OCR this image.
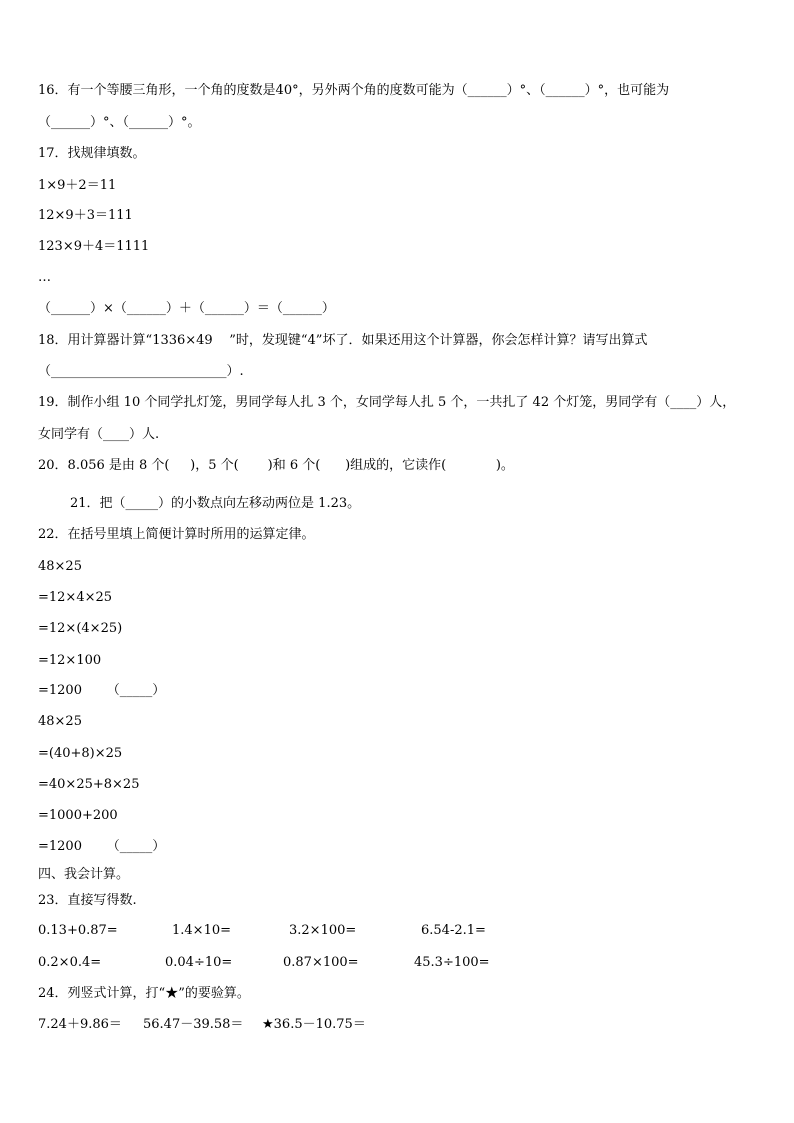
16．有一个等腰三角形，一个角的度数是40°，另外两个角的度数可能为（______）°、（______）°，也可能为
（______）°、（______）°。
17．找规律填数。
1×9＋2＝11
12×9＋3＝111
123×9＋4＝1111
…
（______）×（______）＋（______）＝（______）
18．用计算器计算“1336×49    ”时，发现键“4”坏了．如果还用这个计算器，你会怎样计算？请写出算式
（___________________________）.
19．制作小组 10 个同学扎灯笼，男同学每人扎 3 个，女同学每人扎 5 个，一共扎了 42 个灯笼，男同学有（____）人，
女同学有（____）人.
20．8.056 是由 8 个(     )，5 个(       )和 6 个(      )组成的，它读作(            )。
21．把（_____）的小数点向左移动两位是 1.23。
22．在括号里填上简便计算时所用的运算定律。
48×25
=12×4×25
=12×(4×25)
=12×100
=1200      （_____）
48×25
=(40+8)×25
=40×25+8×25
=1000+200
=1200      （_____）
四、我会计算。
23．直接写得数.
0.13+0.87=	1.4×10=	3.2×100=	6.54-2.1=
0.2×0.4=	0.04÷10=	0.87×100=	45.3÷100=
24．列竖式计算，打“★”的要验算。
7.24＋9.86＝ 56.47－39.58＝ ★36.5－10.75＝
